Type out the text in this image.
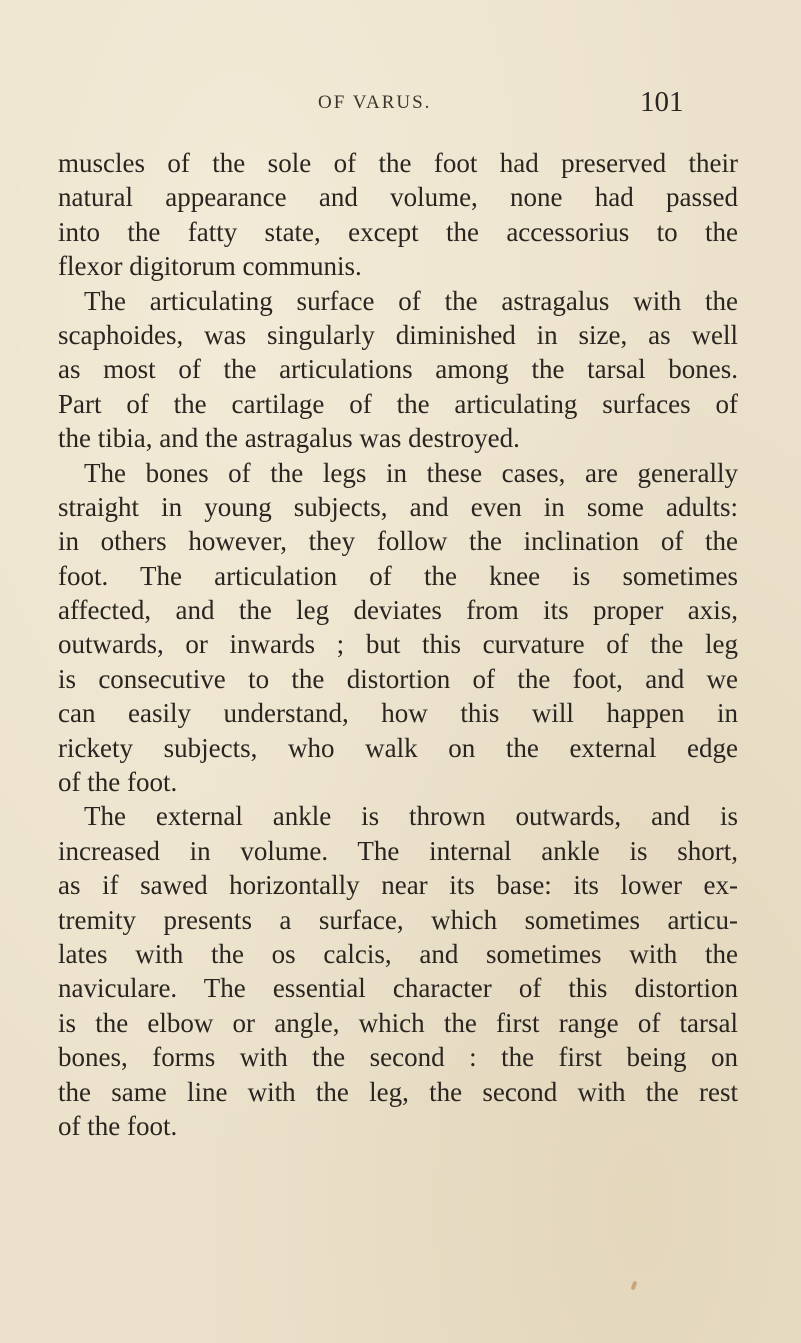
OF VARUS.	101
muscles of the sole of the foot had preserved their
natural appearance and volume, none had passed
into the fatty state, except the accessorius to the
flexor digitorum communis.
The articulating surface of the astragalus with the
scaphoides, was singularly diminished in size, as well
as most of the articulations among the tarsal bones.
Part of the cartilage of the articulating surfaces of
the tibia, and the astragalus was destroyed.
The bones of the legs in these cases, are generally
straight in young subjects, and even in some adults:
in others however, they follow the inclination of the
foot. The articulation of the knee is sometimes
affected, and the leg deviates from its proper axis,
outwards, or inwards ; but this curvature of the leg
is consecutive to the distortion of the foot, and we
can easily understand, how this will happen in
rickety subjects, who walk on the external edge
of the foot.
The external ankle is thrown outwards, and is
increased in volume. The internal ankle is short,
as if sawed horizontally near its base: its lower ex-
tremity presents a surface, which sometimes articu-
lates with the os calcis, and sometimes with the
naviculare. The essential character of this distortion
is the elbow or angle, which the first range of tarsal
bones, forms with the second : the first being on
the same line with the leg, the second with the rest
of the foot.
